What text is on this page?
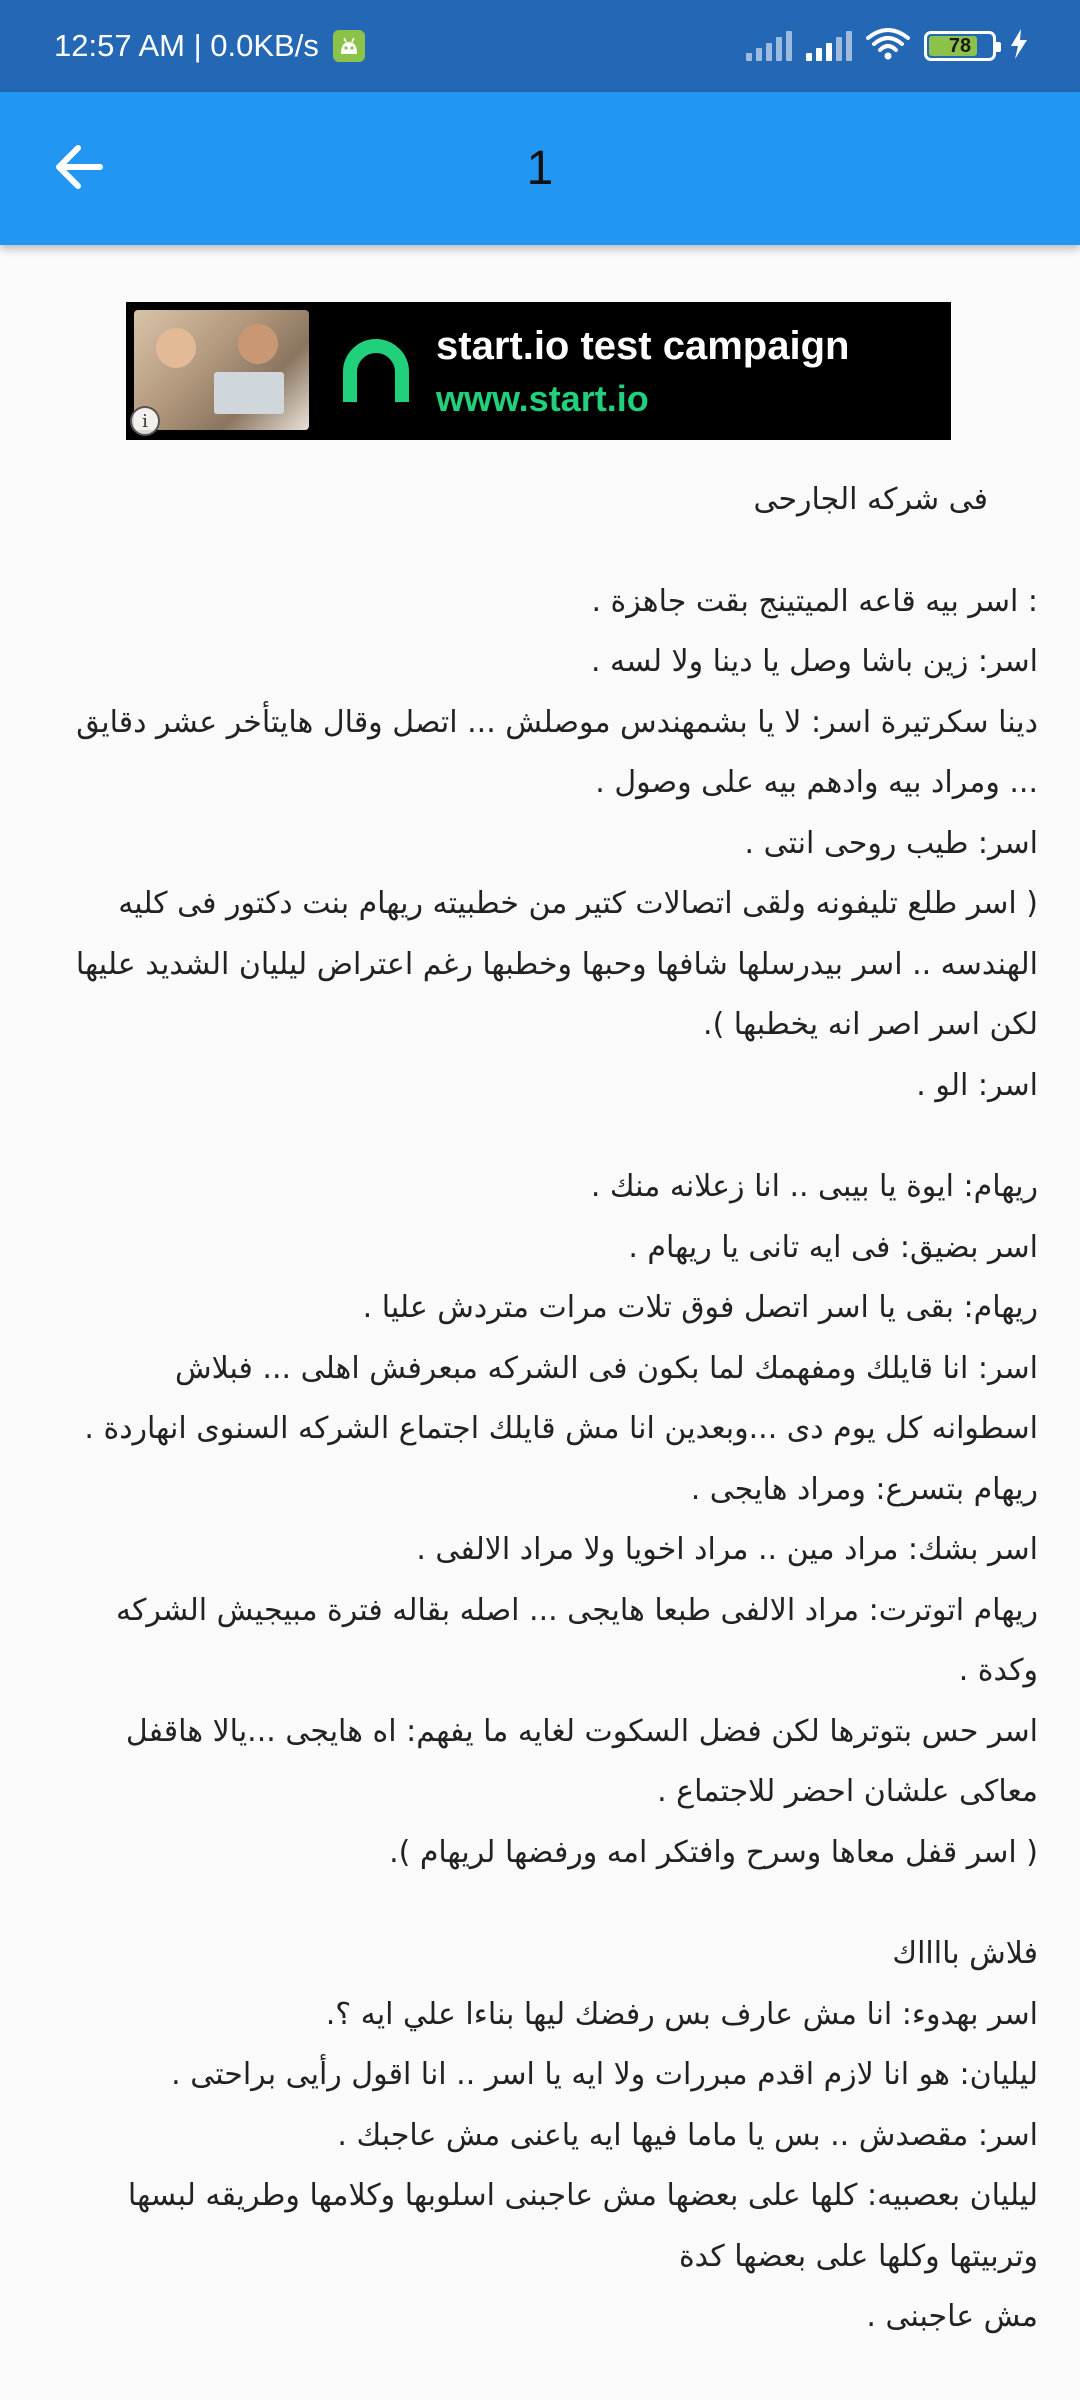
12:57 AM | 0.0KB/s	78
1
i
start.io test campaign
www.start.io

فى شركه الجارحى

: اسر بيه قاعه الميتينج بقت جاهزة .

اسر: زين باشا وصل يا دينا ولا لسه .

دينا سكرتيرة اسر: لا يا بشمهندس موصلش ... اتصل وقال هايتأخر عشر دقايق ... ومراد بيه وادهم بيه على وصول .

اسر: طيب روحى انتى .

( اسر طلع تليفونه ولقى اتصالات كتير من خطبيته ريهام بنت دكتور فى كليه الهندسه .. اسر بيدرسلها شافها وحبها وخطبها رغم اعتراض ليليان الشديد عليها لكن اسر اصر انه يخطبها ).

اسر: الو .

ريهام: ايوة يا بيبى .. انا زعلانه منك .

اسر بضيق: فى ايه تانى يا ريهام .

ريهام: بقى يا اسر اتصل فوق تلات مرات متردش عليا .

اسر: انا قايلك ومفهمك لما بكون فى الشركه مبعرفش اهلى ... فبلاش اسطوانه كل يوم دى ...وبعدين انا مش قايلك اجتماع الشركه السنوى انهاردة .

ريهام بتسرع: ومراد هايجى .

اسر بشك: مراد مين .. مراد اخويا ولا مراد الالفى .

ريهام اتوترت: مراد الالفى طبعا هايجى ... اصله بقاله فترة مبيجيش الشركه وكدة .

اسر حس بتوترها لكن فضل السكوت لغايه ما يفهم: اه هايجى ...يالا هاقفل معاكى علشان احضر للاجتماع .

( اسر قفل معاها وسرح وافتكر امه ورفضها لريهام ).

فلاش بااااك

اسر بهدوء: انا مش عارف بس رفضك ليها بناءا علي ايه ؟.

ليليان: هو انا لازم اقدم مبررات ولا ايه يا اسر .. انا اقول رأيى براحتى .

اسر: مقصدش .. بس يا ماما فيها ايه ياعنى مش عاجبك .

ليليان بعصبيه: كلها على بعضها مش عاجبنى اسلوبها وكلامها وطريقه لبسها وتربيتها وكلها على بعضها كدة

مش عاجبنى .
